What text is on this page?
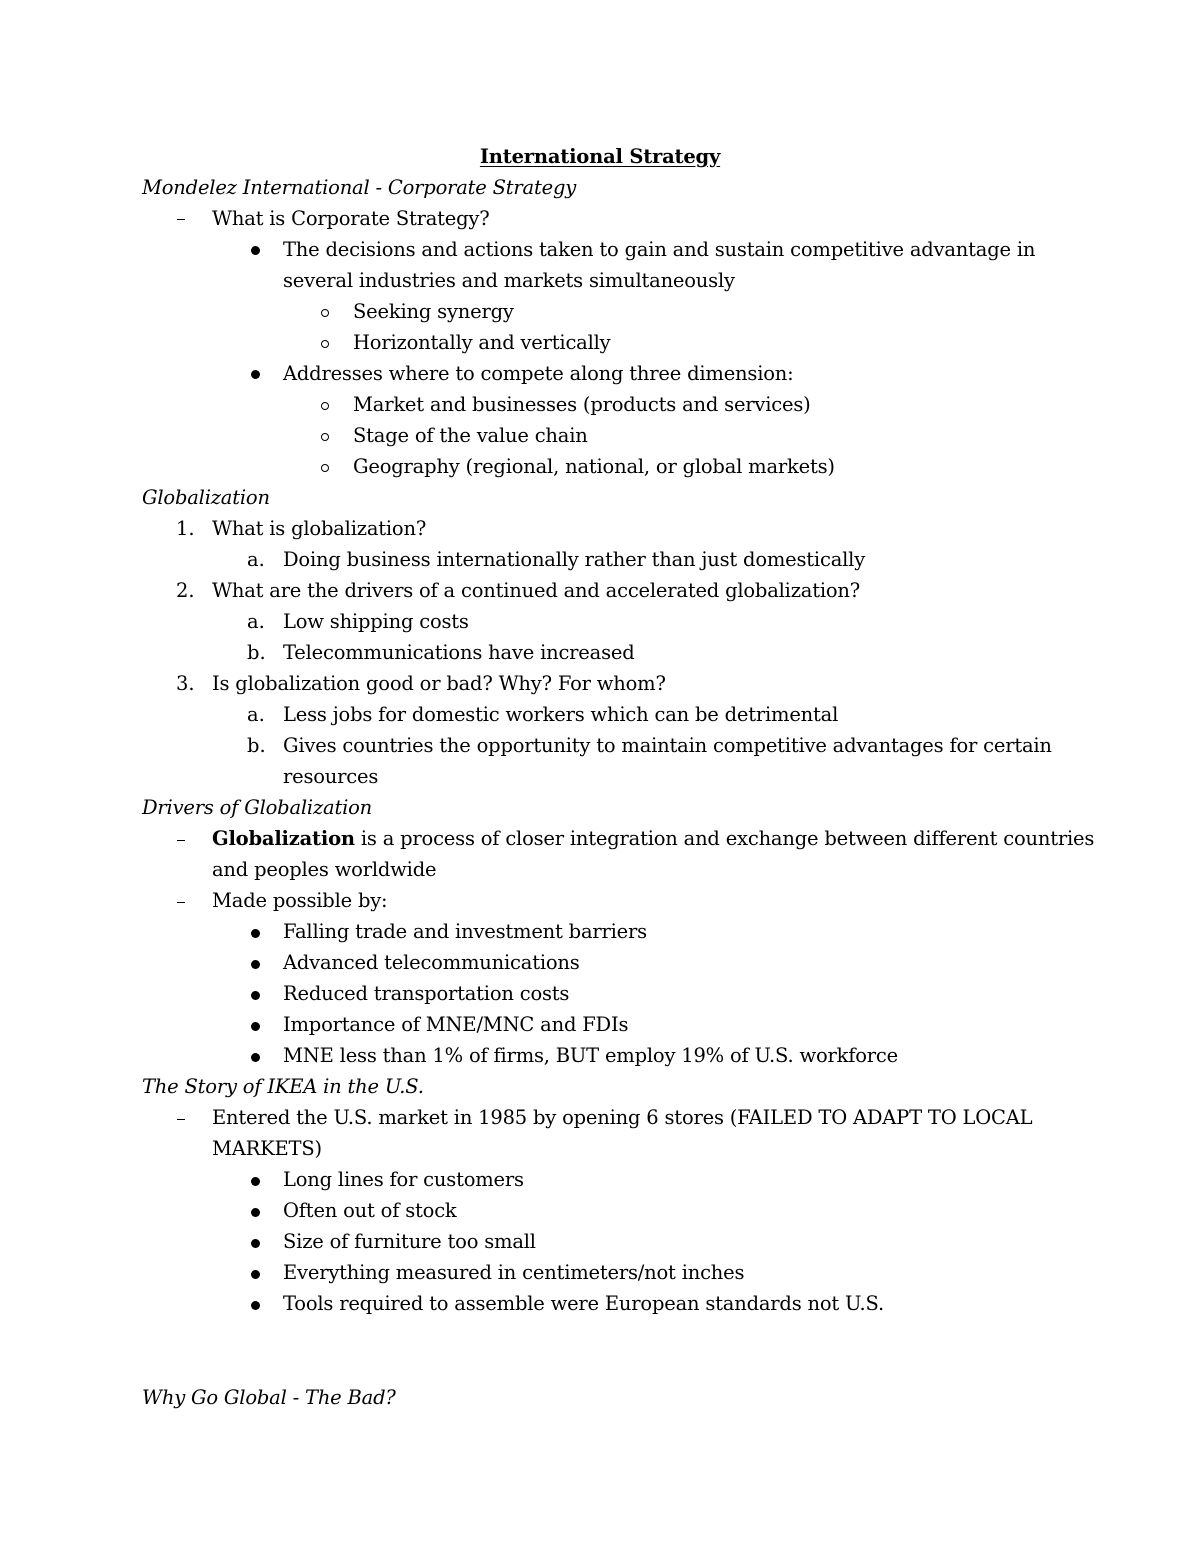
International Strategy
Mondelez International - Corporate Strategy
What is Corporate Strategy?
The decisions and actions taken to gain and sustain competitive advantage in
several industries and markets simultaneously
Seeking synergy
Horizontally and vertically
Addresses where to compete along three dimension:
Market and businesses (products and services)
Stage of the value chain
Geography (regional, national, or global markets)
Globalization
1. What is globalization?
a. Doing business internationally rather than just domestically
2. What are the drivers of a continued and accelerated globalization?
a. Low shipping costs
b. Telecommunications have increased
3. Is globalization good or bad? Why? For whom?
a. Less jobs for domestic workers which can be detrimental
b. Gives countries the opportunity to maintain competitive advantages for certain
resources
Drivers of Globalization
Globalization is a process of closer integration and exchange between different countries
and peoples worldwide
Made possible by:
Falling trade and investment barriers
Advanced telecommunications
Reduced transportation costs
Importance of MNE/MNC and FDIs
MNE less than 1% of firms, BUT employ 19% of U.S. workforce
The Story of IKEA in the U.S.
Entered the U.S. market in 1985 by opening 6 stores (FAILED TO ADAPT TO LOCAL
MARKETS)
Long lines for customers
Often out of stock
Size of furniture too small
Everything measured in centimeters/not inches
Tools required to assemble were European standards not U.S.
Why Go Global - The Bad?
